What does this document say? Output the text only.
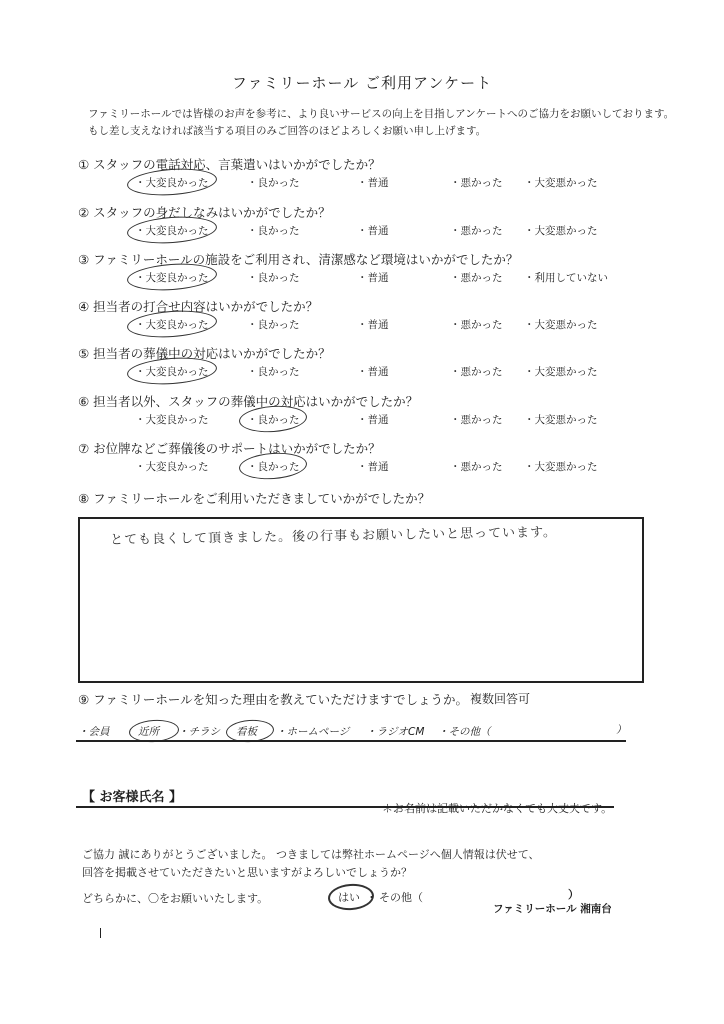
ファミリーホール ご利用アンケート
ファミリーホールでは皆様のお声を参考に、より良いサービスの向上を目指しアンケートへのご協力をお願いしております。
もし差し支えなければ該当する項目のみご回答のほどよろしくお願い申し上げます。
① スタッフの電話対応、言葉遣いはいかがでしたか？
・大変良かった	・良かった	・普通	・悪かった ・大変悪かった
② スタッフの身だしなみはいかがでしたか？
・大変良かった	・良かった	・普通	・悪かった ・大変悪かった
③ ファミリーホールの施設をご利用され、清潔感など環境はいかがでしたか？
・大変良かった	・良かった	・普通	・悪かった ・利用していない
④ 担当者の打合せ内容はいかがでしたか？
・大変良かった	・良かった	・普通	・悪かった ・大変悪かった
⑤ 担当者の葬儀中の対応はいかがでしたか？
・大変良かった	・良かった	・普通	・悪かった ・大変悪かった
⑥ 担当者以外、スタッフの葬儀中の対応はいかがでしたか？
・大変良かった	・良かった	・普通	・悪かった ・大変悪かった
⑦ お位牌などご葬儀後のサポートはいかがでしたか？
・大変良かった	・良かった	・普通	・悪かった ・大変悪かった
⑧ ファミリーホールをご利用いただきましていかがでしたか？
とても良くして頂きました。後の行事もお願いしたいと思っています。
⑨ ファミリーホールを知った理由を教えていただけますでしょうか。 複数回答可
・会員	近所 ・チラシ 看板 ・ホームページ ・ラジオCM ・その他（	）
【 お客様氏名 】
＊お名前は記載いただかなくても大丈夫です。
ご協力 誠にありがとうございました。 つきましては弊社ホームページへ個人情報は伏せて、
回答を掲載させていただきたいと思いますがよろしいでしょうか？
どちらかに、〇をお願いいたします。	はい ・ その他（	）
ファミリーホール 湘南台
